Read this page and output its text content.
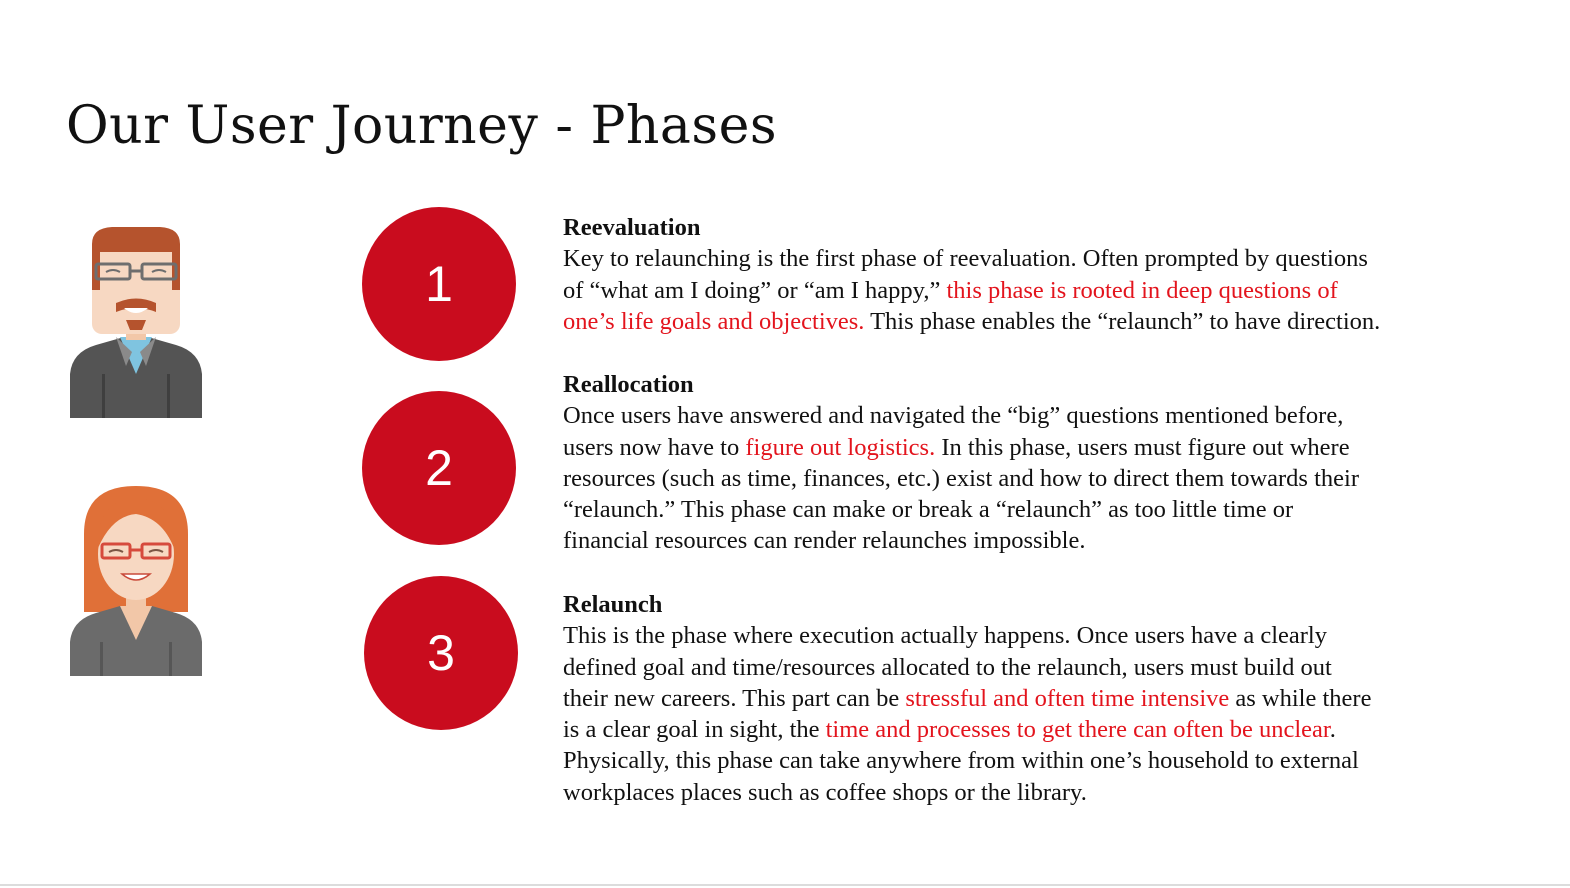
Our User Journey - Phases
1
2
3
Reevaluation
Key to relaunching is the first phase of reevaluation. Often prompted by questions
of “what am I doing” or “am I happy,” this phase is rooted in deep questions of
one’s life goals and objectives. This phase enables the “relaunch” to have direction.
Reallocation
Once users have answered and navigated the “big” questions mentioned before,
users now have to figure out logistics. In this phase, users must figure out where
resources (such as time, finances, etc.) exist and how to direct them towards their
“relaunch.” This phase can make or break a “relaunch” as too little time or
financial resources can render relaunches impossible.
Relaunch
This is the phase where execution actually happens. Once users have a clearly
defined goal and time/resources allocated to the relaunch, users must build out
their new careers. This part can be stressful and often time intensive as while there
is a clear goal in sight, the time and processes to get there can often be unclear.
Physically, this phase can take anywhere from within one’s household to external
workplaces places such as coffee shops or the library.
